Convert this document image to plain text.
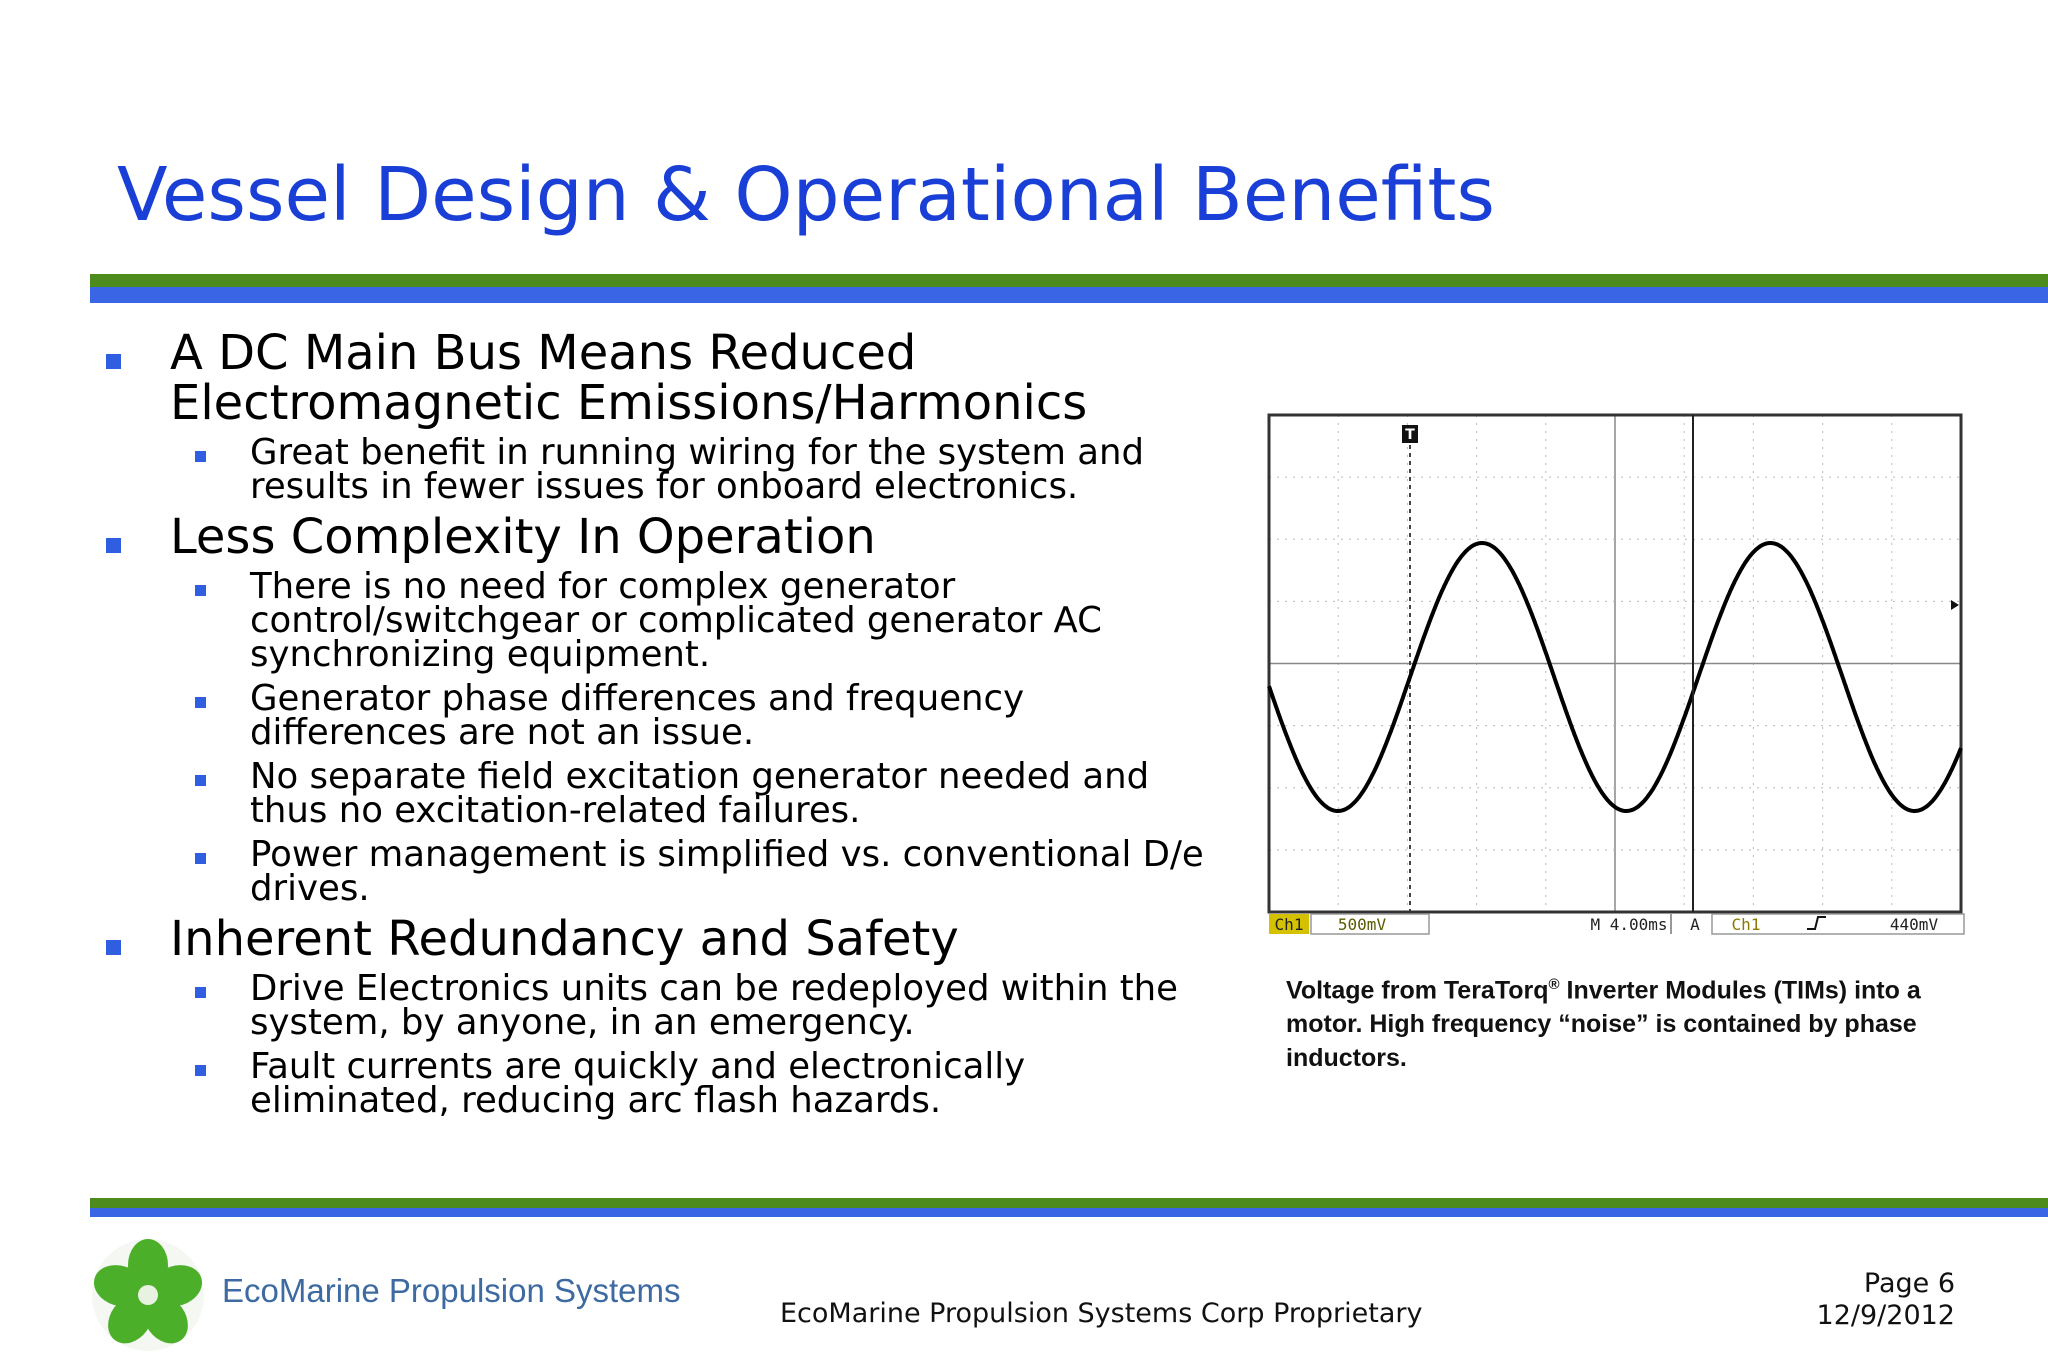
Vessel Design & Operational Benefits
A DC Main Bus Means Reduced Electromagnetic Emissions/Harmonics
Great benefit in running wiring for the system and results in fewer issues for onboard electronics.
Less Complexity In Operation
There is no need for complex generator control/switchgear or complicated generator AC synchronizing equipment.
Generator phase differences and frequency differences are not an issue.
No separate field excitation generator needed and thus no excitation-related failures.
Power management is simplified vs. conventional D/e drives.
Inherent Redundancy and Safety
Drive Electronics units can be redeployed within the system, by anyone, in an emergency.
Fault currents are quickly and electronically eliminated, reducing arc flash hazards.
T
Ch1 500mV	M 4.00ms A Ch1	440mV
Voltage from TeraTorq® Inverter Modules (TIMs) into a motor. High frequency “noise” is contained by phase inductors.
EcoMarine Propulsion Systems
EcoMarine Propulsion Systems Corp Proprietary
Page 6
12/9/2012
